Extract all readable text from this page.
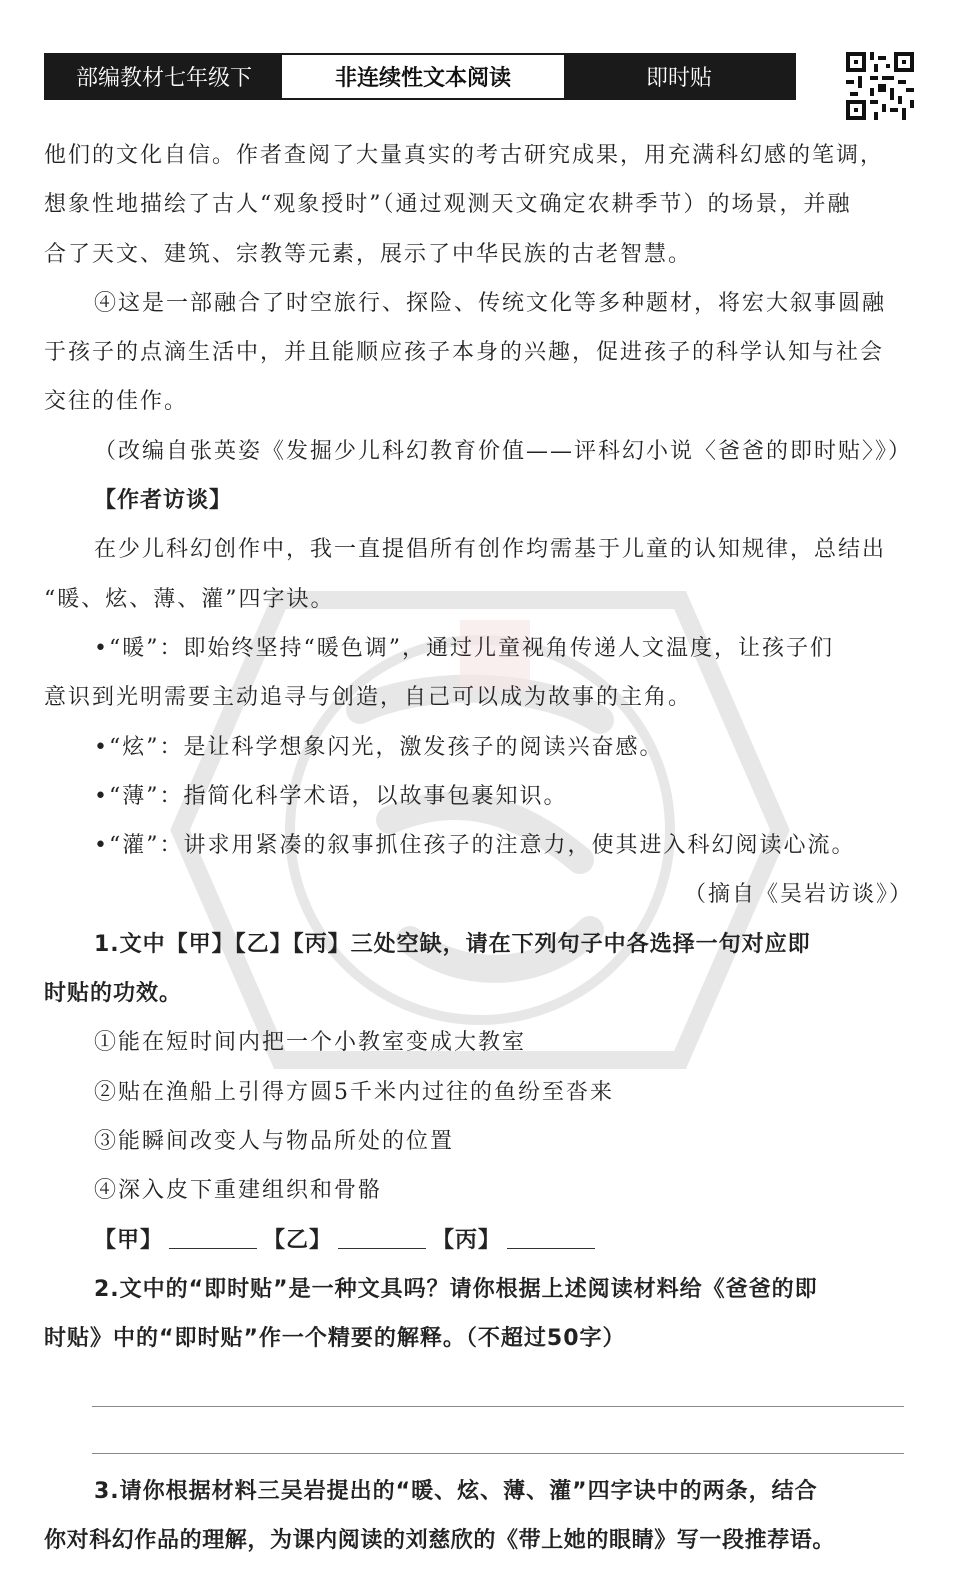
部编教材七年级下	非连续性文本阅读	即时贴
他们的文化自信。作者查阅了大量真实的考古研究成果，用充满科幻感的笔调，
想象性地描绘了古人“观象授时”（通过观测天文确定农耕季节）的场景，并融
合了天文、建筑、宗教等元素，展示了中华民族的古老智慧。
④这是一部融合了时空旅行、探险、传统文化等多种题材，将宏大叙事圆融
于孩子的点滴生活中，并且能顺应孩子本身的兴趣，促进孩子的科学认知与社会
交往的佳作。
（改编自张英姿《发掘少儿科幻教育价值——评科幻小说〈爸爸的即时贴〉》）
【作者访谈】
在少儿科幻创作中，我一直提倡所有创作均需基于儿童的认知规律，总结出
“暖、炫、薄、灌”四字诀。
•“暖”：即始终坚持“暖色调”，通过儿童视角传递人文温度，让孩子们
意识到光明需要主动追寻与创造，自己可以成为故事的主角。
•“炫”：是让科学想象闪光，激发孩子的阅读兴奋感。
•“薄”：指简化科学术语，以故事包裹知识。
•“灌”：讲求用紧凑的叙事抓住孩子的注意力，使其进入科幻阅读心流。
（摘自《吴岩访谈》）
1.文中【甲】【乙】【丙】三处空缺，请在下列句子中各选择一句对应即
时贴的功效。
①能在短时间内把一个小教室变成大教室
②贴在渔船上引得方圆5千米内过往的鱼纷至沓来
③能瞬间改变人与物品所处的位置
④深入皮下重建组织和骨骼
【甲】	【乙】	【丙】
2.文中的“即时贴”是一种文具吗？请你根据上述阅读材料给《爸爸的即
时贴》中的“即时贴”作一个精要的解释。（不超过50字）
3.请你根据材料三吴岩提出的“暖、炫、薄、灌”四字诀中的两条，结合
你对科幻作品的理解，为课内阅读的刘慈欣的《带上她的眼睛》写一段推荐语。
